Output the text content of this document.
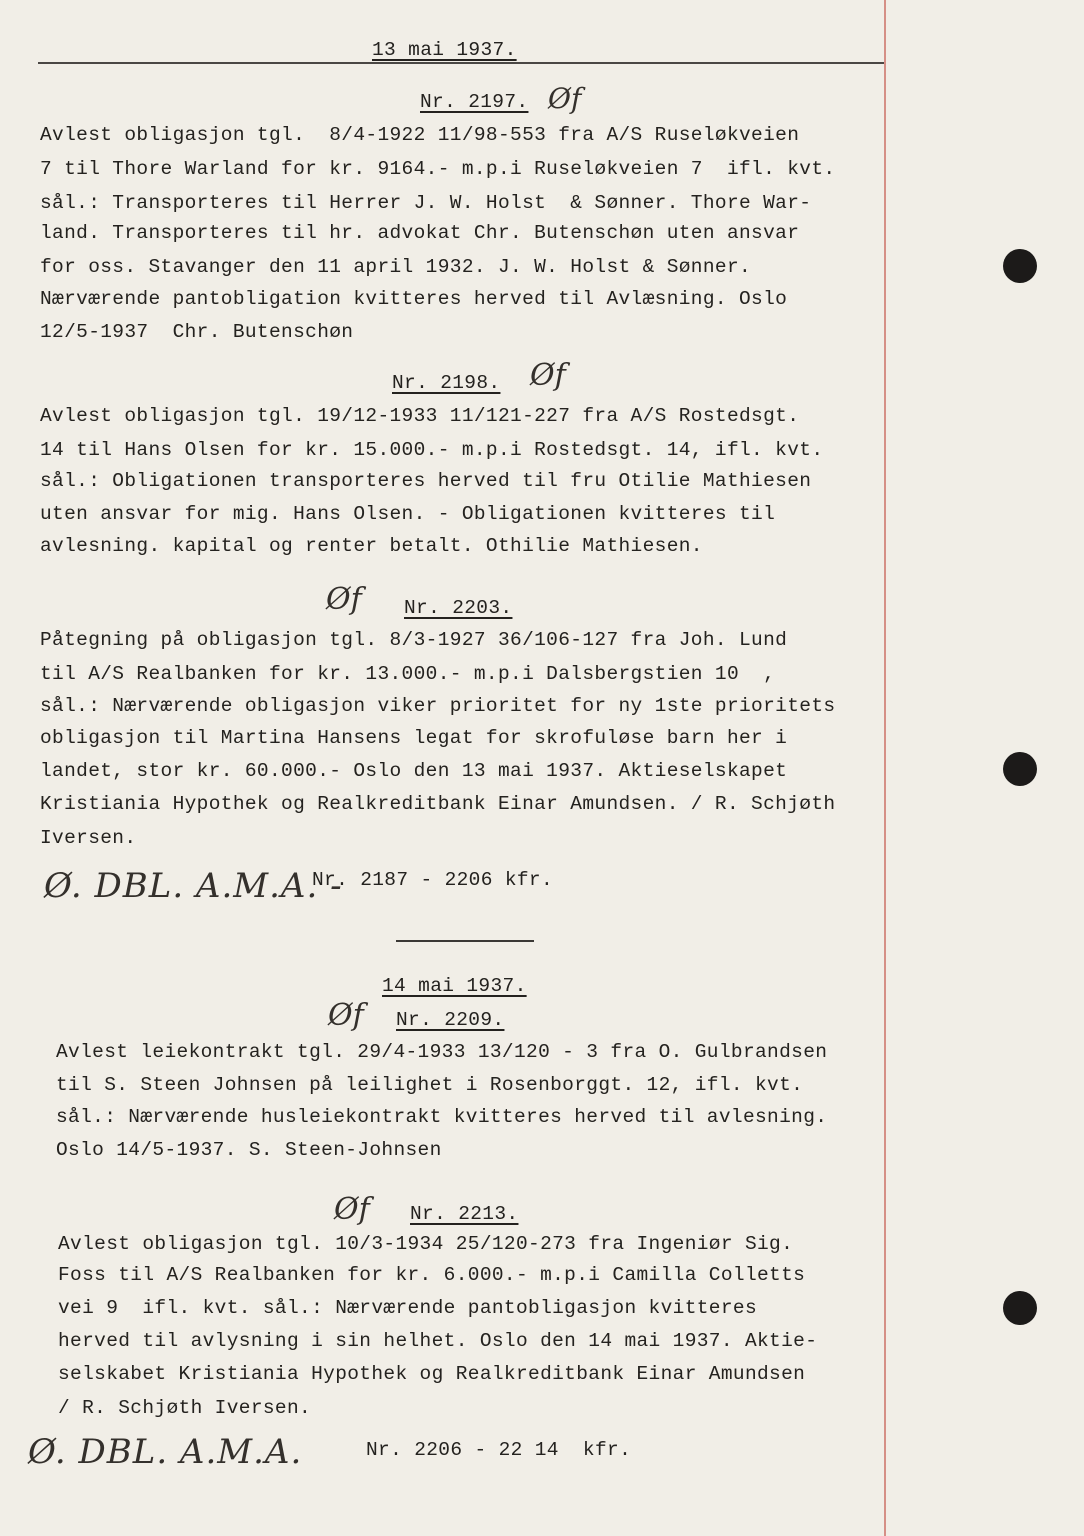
13 mai 1937.
Nr. 2197. Øf
Avlest obligasjon tgl.  8/4-1922 11/98-553 fra A/S Ruseløkveien
7 til Thore Warland for kr. 9164.- m.p.i Ruseløkveien 7  ifl. kvt.
sål.: Transporteres til Herrer J. W. Holst  & Sønner. Thore War-
land. Transporteres til hr. advokat Chr. Butenschøn uten ansvar
for oss. Stavanger den 11 april 1932. J. W. Holst & Sønner.
Nærværende pantobligation kvitteres herved til Avlæsning. Oslo
12/5-1937  Chr. Butenschøn
Nr. 2198. Øf
Avlest obligasjon tgl. 19/12-1933 11/121-227 fra A/S Rostedsgt.
14 til Hans Olsen for kr. 15.000.- m.p.i Rostedsgt. 14, ifl. kvt.
sål.: Obligationen transporteres herved til fru Otilie Mathiesen
uten ansvar for mig. Hans Olsen. - Obligationen kvitteres til
avlesning. kapital og renter betalt. Othilie Mathiesen.
Øf Nr. 2203.
Påtegning på obligasjon tgl. 8/3-1927 36/106-127 fra Joh. Lund
til A/S Realbanken for kr. 13.000.- m.p.i Dalsbergstien 10  ,
sål.: Nærværende obligasjon viker prioritet for ny 1ste prioritets
obligasjon til Martina Hansens legat for skrofuløse barn her i
landet, stor kr. 60.000.- Oslo den 13 mai 1937. Aktieselskapet
Kristiania Hypothek og Realkreditbank Einar Amundsen. / R. Schjøth
Iversen.
Ø. DBL. A.M.A. -
Nr. 2187 - 2206 kfr.
14 mai 1937.
Øf Nr. 2209.
Avlest leiekontrakt tgl. 29/4-1933 13/120 - 3 fra O. Gulbrandsen
til S. Steen Johnsen på leilighet i Rosenborggt. 12, ifl. kvt.
sål.: Nærværende husleiekontrakt kvitteres herved til avlesning.
Oslo 14/5-1937. S. Steen-Johnsen
Øf Nr. 2213.
Avlest obligasjon tgl. 10/3-1934 25/120-273 fra Ingeniør Sig.
Foss til A/S Realbanken for kr. 6.000.- m.p.i Camilla Colletts
vei 9  ifl. kvt. sål.: Nærværende pantobligasjon kvitteres
herved til avlysning i sin helhet. Oslo den 14 mai 1937. Aktie-
selskabet Kristiania Hypothek og Realkreditbank Einar Amundsen
/ R. Schjøth Iversen.
Ø. DBL. A.M.A.	Nr. 2206 - 22 14  kfr.
